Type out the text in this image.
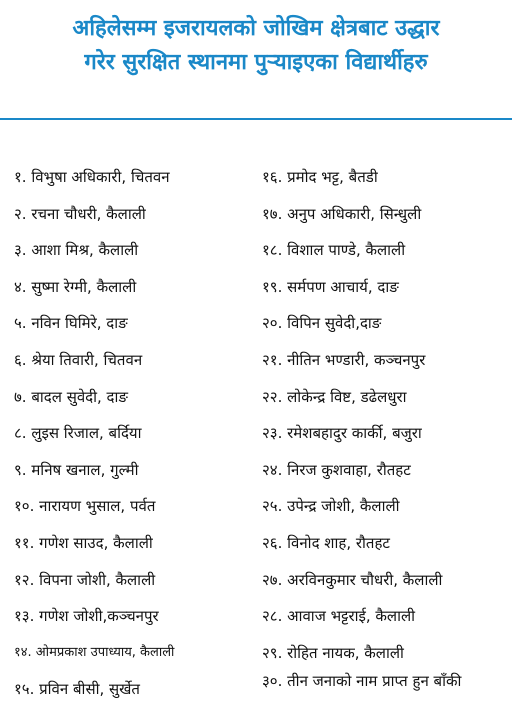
अहिलेसम्म इजरायलको जोखिम क्षेत्रबाट उद्धार
गरेर सुरक्षित स्थानमा पुऱ्याइएका विद्यार्थीहरु
१. विभुषा अधिकारी, चितवन
२. रचना चौधरी, कैलाली
३. आशा मिश्र, कैलाली
४. सुष्मा रेग्मी, कैलाली
५. नविन घिमिरे, दाङ
६. श्रेया तिवारी, चितवन
७. बादल सुवेदी, दाङ
८. लुइस रिजाल, बर्दिया
९. मनिष खनाल, गुल्मी
१०. नारायण भुसाल, पर्वत
११. गणेश साउद, कैलाली
१२. विपना जोशी, कैलाली
१३. गणेश जोशी,कञ्चनपुर
१४. ओमप्रकाश उपाध्याय, कैलाली
१५. प्रविन बीसी, सुर्खेत
१६. प्रमोद भट्ट, बैतडी
१७. अनुप अधिकारी, सिन्धुली
१८. विशाल पाण्डे, कैलाली
१९. सर्मपण आचार्य, दाङ
२०. विपिन सुवेदी,दाङ
२१. नीतिन भण्डारी, कञ्चनपुर
२२. लोकेन्द्र विष्ट, डढेलधुरा
२३. रमेशबहादुर कार्की, बजुरा
२४. निरज कुशवाहा, रौतहट
२५. उपेन्द्र जोशी, कैलाली
२६. विनोद शाह, रौतहट
२७. अरविनकुमार चौधरी, कैलाली
२८. आवाज भट्टराई, कैलाली
२९. रोहित नायक, कैलाली
३०. तीन जनाको नाम प्राप्त हुन बाँकी
